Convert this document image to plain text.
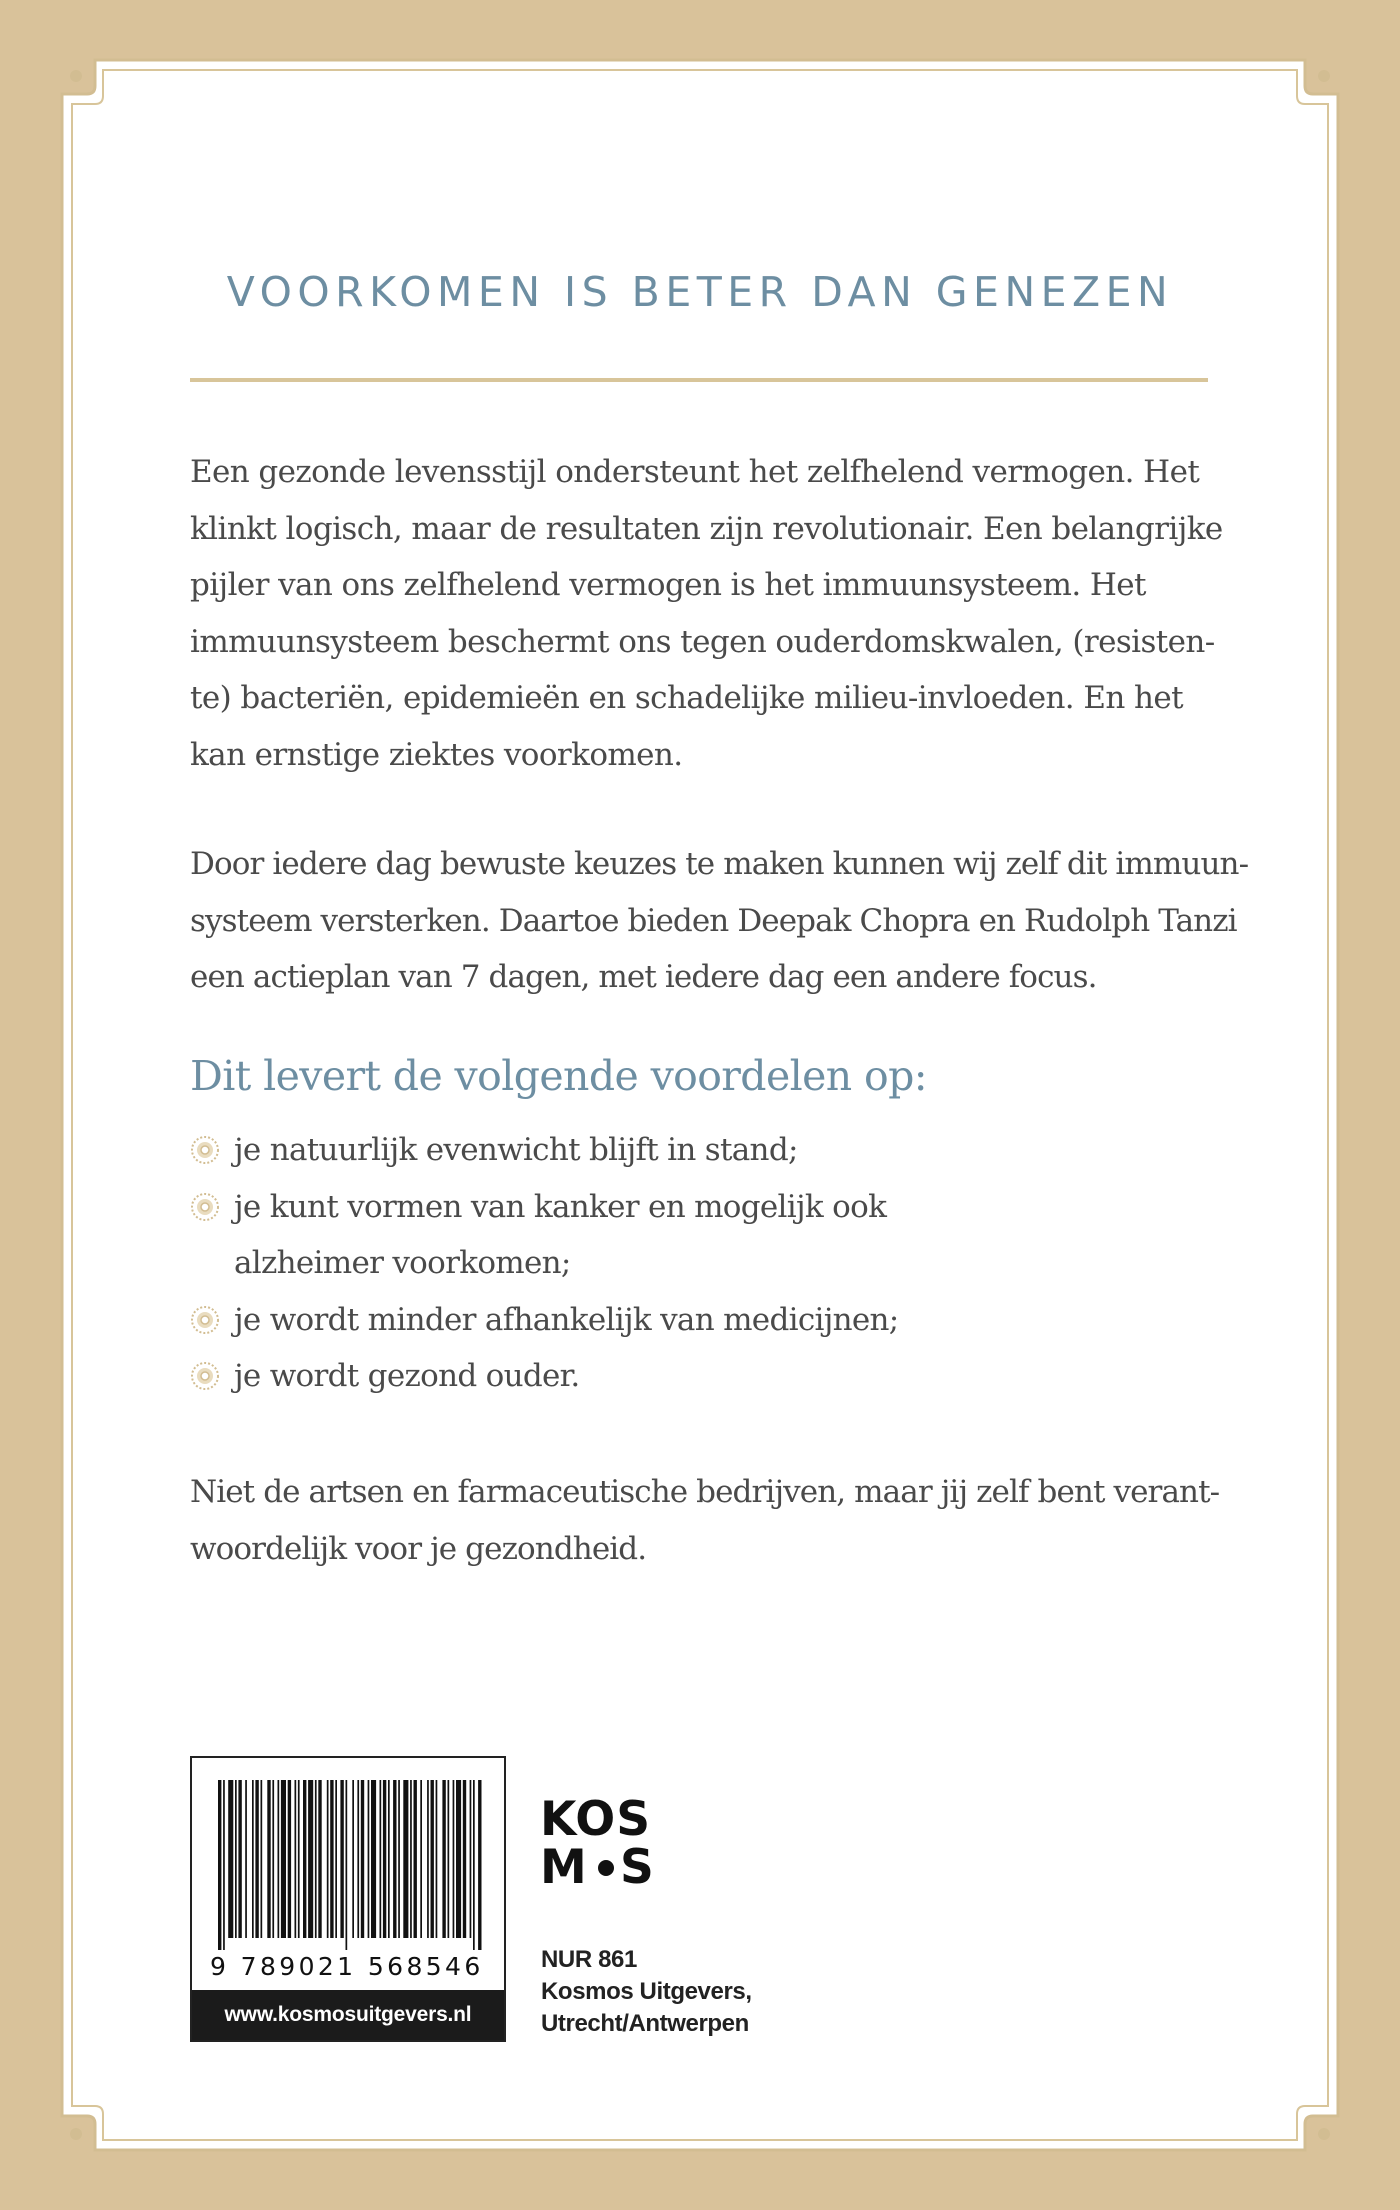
VOORKOMEN IS BETER DAN GENEZEN

Een gezonde levensstijl ondersteunt het zelfhelend vermogen. Het
klinkt logisch, maar de resultaten zijn revolutionair. Een belangrijke
pijler van ons zelfhelend vermogen is het immuunsysteem. Het
immuunsysteem beschermt ons tegen ouderdomskwalen, (resisten-
te) bacteriën, epidemieën en schadelijke milieu-invloeden. En het
kan ernstige ziektes voorkomen.

Door iedere dag bewuste keuzes te maken kunnen wij zelf dit immuun-
systeem versterken. Daartoe bieden Deepak Chopra en Rudolph Tanzi
een actieplan van 7 dagen, met iedere dag een andere focus.

Dit levert de volgende voordelen op:
je natuurlijk evenwicht blijft in stand;
je kunt vormen van kanker en mogelijk ook
alzheimer voorkomen;
je wordt minder afhankelijk van medicijnen;
je wordt gezond ouder.

Niet de artsen en farmaceutische bedrijven, maar jij zelf bent verant-
woordelijk voor je gezondheid.

9 789021 568546
www.kosmosuitgevers.nl
KOS
M S
NUR 861
Kosmos Uitgevers,
Utrecht/Antwerpen
